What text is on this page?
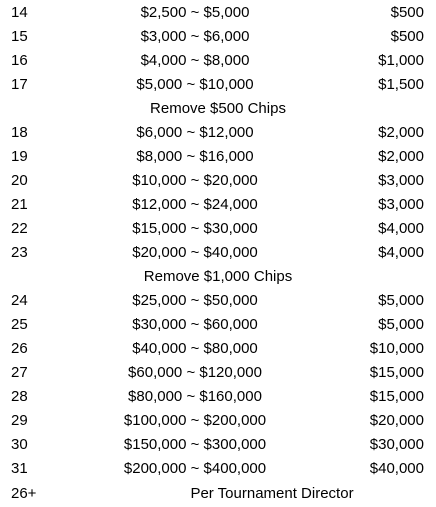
14	$2,500 ~ $5,000	$500
15	$3,000 ~ $6,000	$500
16	$4,000 ~ $8,000	$1,000
17	$5,000 ~ $10,000	$1,500
Remove $500 Chips
18	$6,000 ~ $12,000	$2,000
19	$8,000 ~ $16,000	$2,000
20	$10,000 ~ $20,000	$3,000
21	$12,000 ~ $24,000	$3,000
22	$15,000 ~ $30,000	$4,000
23	$20,000 ~ $40,000	$4,000
Remove $1,000 Chips
24	$25,000 ~ $50,000	$5,000
25	$30,000 ~ $60,000	$5,000
26	$40,000 ~ $80,000	$10,000
27	$60,000 ~ $120,000	$15,000
28	$80,000 ~ $160,000	$15,000
29	$100,000 ~ $200,000	$20,000
30	$150,000 ~ $300,000	$30,000
31	$200,000 ~ $400,000	$40,000
26+	Per Tournament Director
